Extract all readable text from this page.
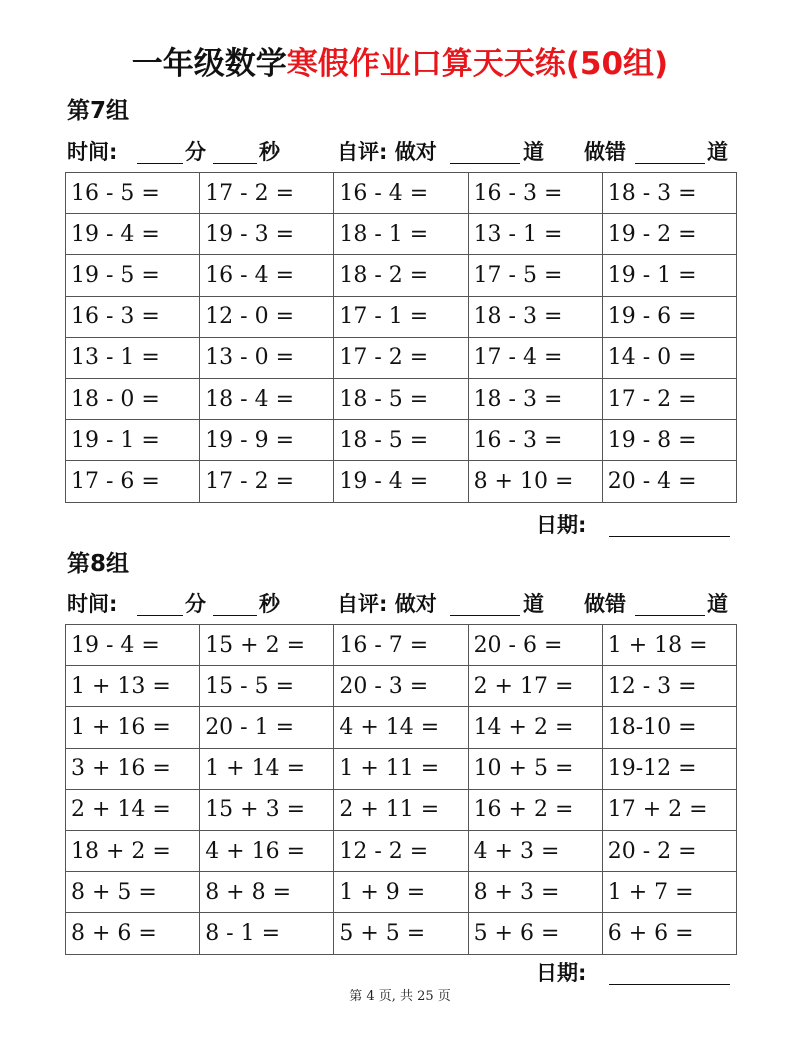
一年级数学寒假作业口算天天练(50组)
第7组
时间:	分	秒	自评: 做对	道 做错	道
16 - 5 =	17 - 2 =	16 - 4 =	16 - 3 =	18 - 3 =
19 - 4 =	19 - 3 =	18 - 1 =	13 - 1 =	19 - 2 =
19 - 5 =	16 - 4 =	18 - 2 =	17 - 5 =	19 - 1 =
16 - 3 =	12 - 0 =	17 - 1 =	18 - 3 =	19 - 6 =
13 - 1 =	13 - 0 =	17 - 2 =	17 - 4 =	14 - 0 =
18 - 0 =	18 - 4 =	18 - 5 =	18 - 3 =	17 - 2 =
19 - 1 =	19 - 9 =	18 - 5 =	16 - 3 =	19 - 8 =
17 - 6 =	17 - 2 =	19 - 4 =	8 + 10 =	20 - 4 =
日期:
第8组
时间:	分	秒	自评: 做对	道 做错	道
19 - 4 =	15 + 2 =	16 - 7 =	20 - 6 =	1 + 18 =
1 + 13 =	15 - 5 =	20 - 3 =	2 + 17 =	12 - 3 =
1 + 16 =	20 - 1 =	4 + 14 =	14 + 2 =	18-10 =
3 + 16 =	1 + 14 =	1 + 11 =	10 + 5 =	19-12 =
2 + 14 =	15 + 3 =	2 + 11 =	16 + 2 =	17 + 2 =
18 + 2 =	4 + 16 =	12 - 2 =	4 + 3 =	20 - 2 =
8 + 5 =	8 + 8 =	1 + 9 =	8 + 3 =	1 + 7 =
8 + 6 =	8 - 1 =	5 + 5 =	5 + 6 =	6 + 6 =
日期:
第 4 页, 共 25 页
